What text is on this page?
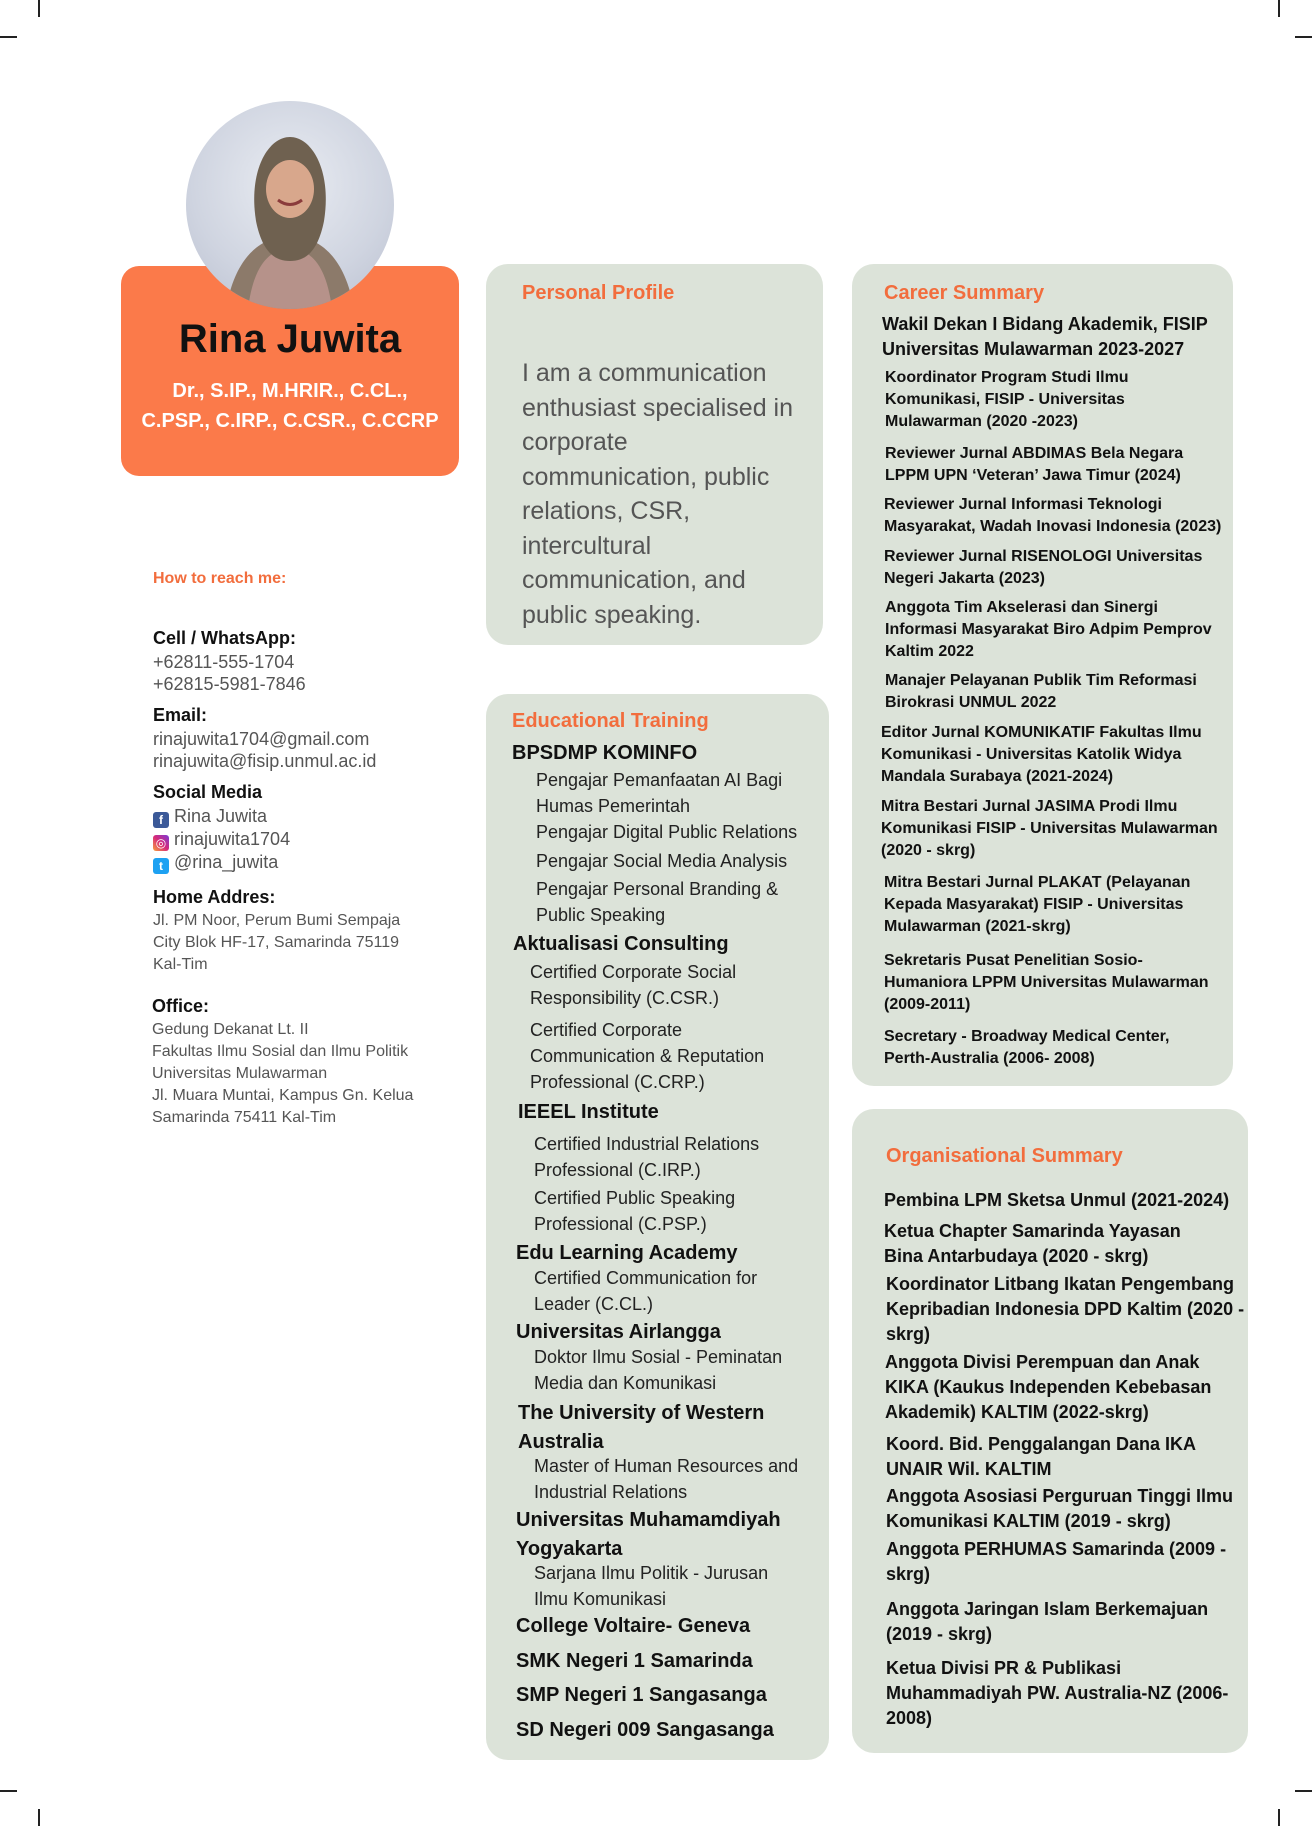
Rina Juwita
Dr., S.IP., M.HRIR., C.CL., C.PSP., C.IRP., C.CSR., C.CCRP
How to reach me:
Cell / WhatsApp:
+62811-555-1704
+62815-5981-7846
Email:
rinajuwita1704@gmail.com
rinajuwita@fisip.unmul.ac.id
Social Media
f Rina Juwita
◎ rinajuwita1704
t @rina_juwita
Home Addres:
Jl. PM Noor, Perum Bumi Sempaja
City Blok HF-17, Samarinda 75119
Kal-Tim
Office:
Gedung Dekanat Lt. II
Fakultas Ilmu Sosial dan Ilmu Politik
Universitas Mulawarman
Jl. Muara Muntai, Kampus Gn. Kelua
Samarinda 75411 Kal-Tim
Personal Profile
I am a communication enthusiast specialised in corporate communication, public relations, CSR, intercultural communication, and public speaking.
Educational Training
BPSDMP KOMINFO
Pengajar Pemanfaatan AI Bagi Humas Pemerintah
Pengajar Digital Public Relations
Pengajar Social Media Analysis
Pengajar Personal Branding & Public Speaking
Aktualisasi Consulting
Certified Corporate Social Responsibility (C.CSR.)
Certified Corporate Communication & Reputation Professional (C.CRP.)
IEEEL Institute
Certified Industrial Relations Professional (C.IRP.)
Certified Public Speaking Professional (C.PSP.)
Edu Learning Academy
Certified Communication for Leader (C.CL.)
Universitas Airlangga
Doktor Ilmu Sosial - Peminatan Media dan Komunikasi
The University of Western Australia
Master of Human Resources and Industrial Relations
Universitas Muhamamdiyah Yogyakarta
Sarjana Ilmu Politik - Jurusan Ilmu Komunikasi
College Voltaire- Geneva
SMK Negeri 1 Samarinda
SMP Negeri 1 Sangasanga
SD Negeri 009 Sangasanga
Career Summary
Wakil Dekan I Bidang Akademik, FISIP Universitas Mulawarman 2023-2027
Koordinator Program Studi Ilmu Komunikasi, FISIP - Universitas Mulawarman (2020 -2023)
Reviewer Jurnal ABDIMAS Bela Negara LPPM UPN ‘Veteran’ Jawa Timur (2024)
Reviewer Jurnal Informasi Teknologi Masyarakat, Wadah Inovasi Indonesia (2023)
Reviewer Jurnal RISENOLOGI Universitas Negeri Jakarta (2023)
Anggota Tim Akselerasi dan Sinergi Informasi Masyarakat Biro Adpim Pemprov Kaltim 2022
Manajer Pelayanan Publik Tim Reformasi Birokrasi UNMUL 2022
Editor Jurnal KOMUNIKATIF Fakultas Ilmu Komunikasi - Universitas Katolik Widya Mandala Surabaya (2021-2024)
Mitra Bestari Jurnal JASIMA Prodi Ilmu Komunikasi FISIP - Universitas Mulawarman (2020 - skrg)
Mitra Bestari Jurnal PLAKAT (Pelayanan Kepada Masyarakat) FISIP - Universitas Mulawarman (2021-skrg)
Sekretaris Pusat Penelitian Sosio-Humaniora LPPM Universitas Mulawarman (2009-2011)
Secretary - Broadway Medical Center, Perth-Australia (2006- 2008)
Organisational Summary
Pembina LPM Sketsa Unmul (2021-2024)
Ketua Chapter Samarinda Yayasan Bina Antarbudaya (2020 - skrg)
Koordinator Litbang Ikatan Pengembang Kepribadian Indonesia DPD Kaltim (2020 - skrg)
Anggota Divisi Perempuan dan Anak KIKA (Kaukus Independen Kebebasan Akademik) KALTIM (2022-skrg)
Koord. Bid. Penggalangan Dana IKA UNAIR Wil. KALTIM
Anggota Asosiasi Perguruan Tinggi Ilmu Komunikasi KALTIM (2019 - skrg)
Anggota PERHUMAS Samarinda (2009 - skrg)
Anggota Jaringan Islam Berkemajuan (2019 - skrg)
Ketua Divisi PR & Publikasi Muhammadiyah PW. Australia-NZ (2006-2008)
